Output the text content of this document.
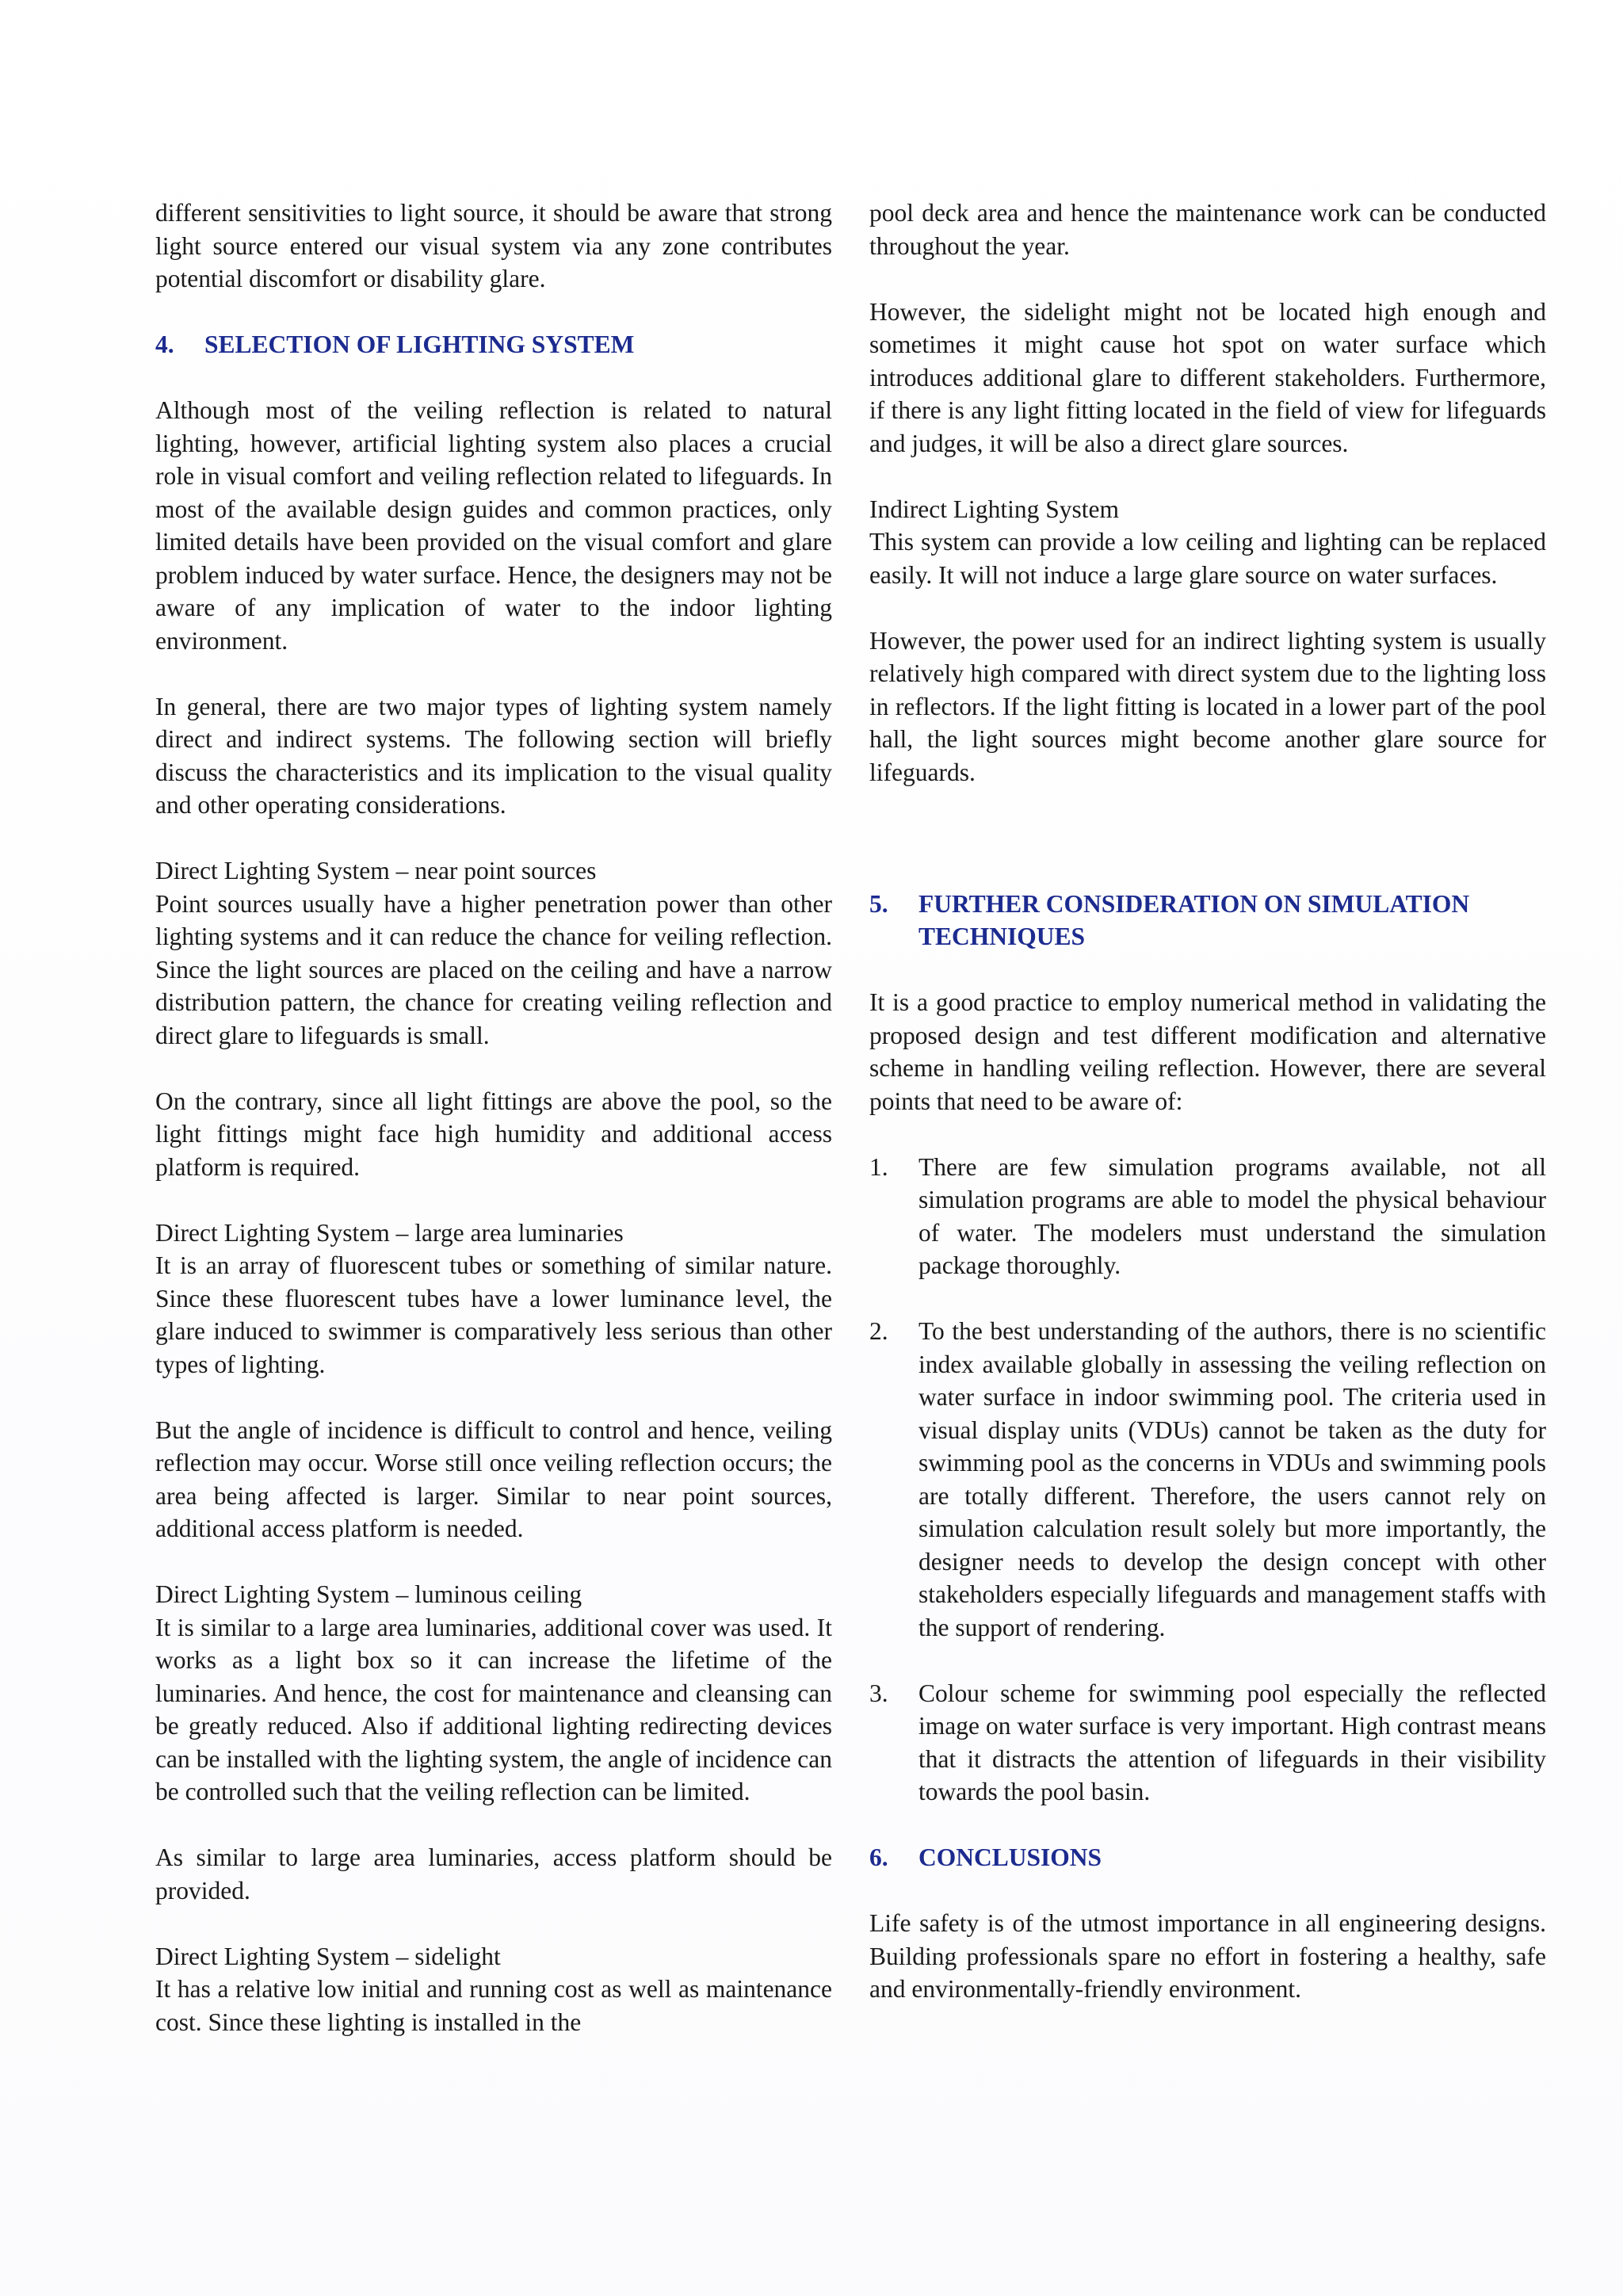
different sensitivities to light source, it should be aware that strong light source entered our visual system via any zone contributes potential discomfort or disability glare.

4.	SELECTION OF LIGHTING SYSTEM

Although most of the veiling reflection is related to natural lighting, however, artificial lighting system also places a crucial role in visual comfort and veiling reflection related to lifeguards. In most of the available design guides and common practices, only limited details have been provided on the visual comfort and glare problem induced by water surface. Hence, the designers may not be aware of any implication of water to the indoor lighting environment.

In general, there are two major types of lighting system namely direct and indirect systems. The following section will briefly discuss the characteristics and its implication to the visual quality and other operating considerations.

Direct Lighting System – near point sources

Point sources usually have a higher penetration power than other lighting systems and it can reduce the chance for veiling reflection. Since the light sources are placed on the ceiling and have a narrow distribution pattern, the chance for creating veiling reflection and direct glare to lifeguards is small.

On the contrary, since all light fittings are above the pool, so the light fittings might face high humidity and additional access platform is required.

Direct Lighting System – large area luminaries

It is an array of fluorescent tubes or something of similar nature. Since these fluorescent tubes have a lower luminance level, the glare induced to swimmer is comparatively less serious than other types of lighting.

But the angle of incidence is difficult to control and hence, veiling reflection may occur. Worse still once veiling reflection occurs; the area being affected is larger. Similar to near point sources, additional access platform is needed.

Direct Lighting System – luminous ceiling

It is similar to a large area luminaries, additional cover was used. It works as a light box so it can increase the lifetime of the luminaries. And hence, the cost for maintenance and cleansing can be greatly reduced. Also if additional lighting redirecting devices can be installed with the lighting system, the angle of incidence can be controlled such that the veiling reflection can be limited.

As similar to large area luminaries, access platform should be provided.

Direct Lighting System – sidelight

It has a relative low initial and running cost as well as maintenance cost. Since these lighting is installed in the

pool deck area and hence the maintenance work can be conducted throughout the year.

However, the sidelight might not be located high enough and sometimes it might cause hot spot on water surface which introduces additional glare to different stakeholders. Furthermore, if there is any light fitting located in the field of view for lifeguards and judges, it will be also a direct glare sources.

Indirect Lighting System

This system can provide a low ceiling and lighting can be replaced easily. It will not induce a large glare source on water surfaces.

However, the power used for an indirect lighting system is usually relatively high compared with direct system due to the lighting loss in reflectors. If the light fitting is located in a lower part of the pool hall, the light sources might become another glare source for lifeguards.

5.	FURTHER CONSIDERATION ON SIMULATION TECHNIQUES

It is a good practice to employ numerical method in validating the proposed design and test different modification and alternative scheme in handling veiling reflection. However, there are several points that need to be aware of:

1.	There are few simulation programs available, not all simulation programs are able to model the physical behaviour of water. The modelers must understand the simulation package thoroughly.
2.	To the best understanding of the authors, there is no scientific index available globally in assessing the veiling reflection on water surface in indoor swimming pool. The criteria used in visual display units (VDUs) cannot be taken as the duty for swimming pool as the concerns in VDUs and swimming pools are totally different. Therefore, the users cannot rely on simulation calculation result solely but more importantly, the designer needs to develop the design concept with other stakeholders especially lifeguards and management staffs with the support of rendering.
3.	Colour scheme for swimming pool especially the reflected image on water surface is very important. High contrast means that it distracts the attention of lifeguards in their visibility towards the pool basin.
6.	CONCLUSIONS

Life safety is of the utmost importance in all engineering designs. Building professionals spare no effort in fostering a healthy, safe and environmentally-friendly environment.
